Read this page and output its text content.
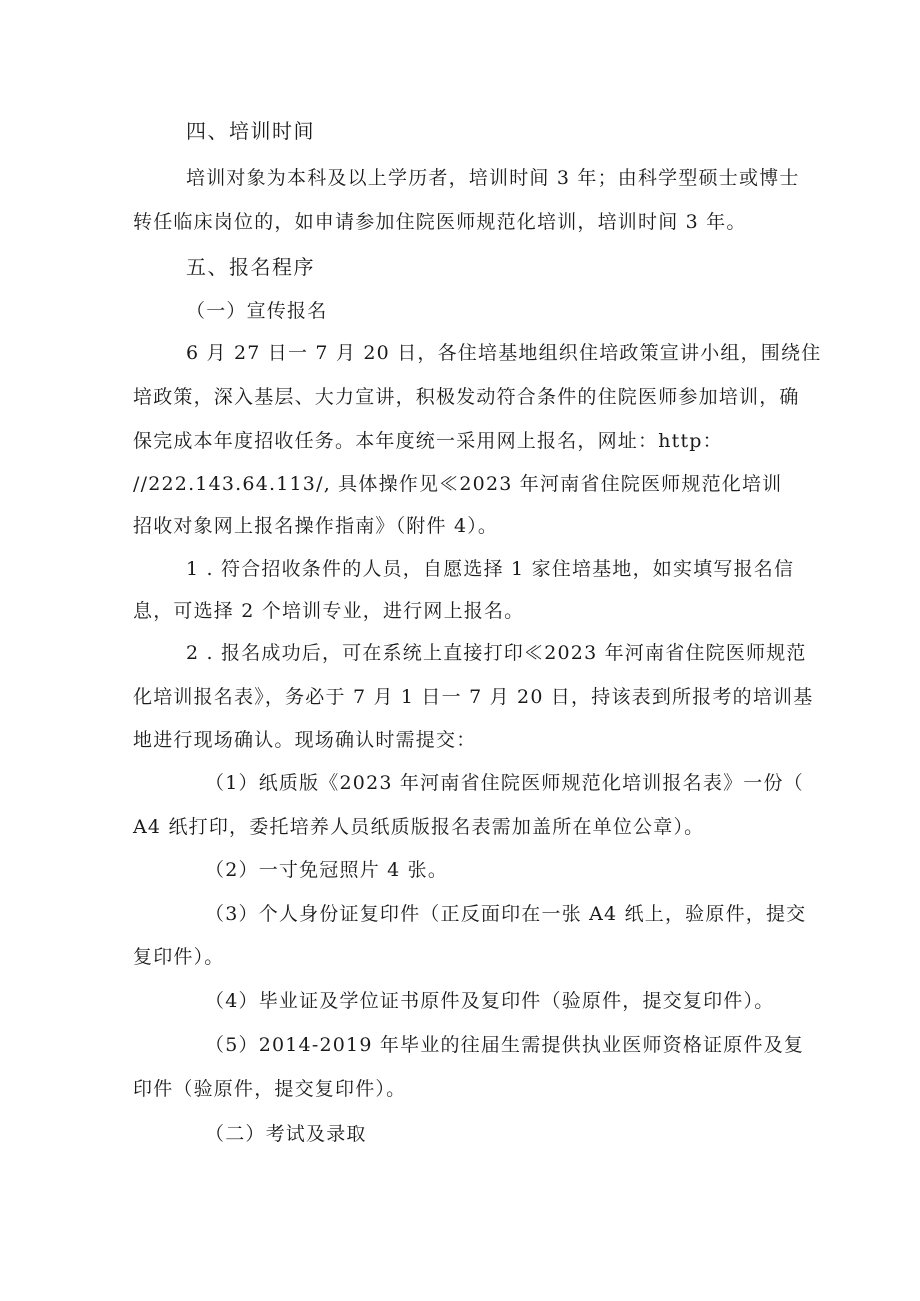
四、培训时间
培训对象为本科及以上学历者，培训时间 3 年；由科学型硕士或博士
转任临床岗位的，如申请参加住院医师规范化培训，培训时间 3 年。
五、报名程序
（一）宣传报名
6 月 27 日一 7 月 20 日，各住培基地组织住培政策宣讲小组，围绕住
培政策，深入基层、大力宣讲，积极发动符合条件的住院医师参加培训，确
保完成本年度招收任务。本年度统一采用网上报名，网址：http：
//222.143.64.113/, 具体操作见≪2023 年河南省住院医师规范化培训
招收对象网上报名操作指南》（附件 4）。
1 . 符合招收条件的人员，自愿选择 1 家住培基地，如实填写报名信
息，可选择 2 个培训专业，进行网上报名。
2 . 报名成功后，可在系统上直接打印≪2023 年河南省住院医师规范
化培训报名表》，务必于 7 月 1 日一 7 月 20 日，持该表到所报考的培训基
地进行现场确认。现场确认时需提交：
（1）纸质版《2023 年河南省住院医师规范化培训报名表》一份（
A4 纸打印，委托培养人员纸质版报名表需加盖所在单位公章）。
（2）一寸免冠照片 4 张。
（3）个人身份证复印件（正反面印在一张 A4 纸上，验原件，提交
复印件）。
（4）毕业证及学位证书原件及复印件（验原件，提交复印件）。
（5）2014-2019 年毕业的往届生需提供执业医师资格证原件及复
印件（验原件，提交复印件）。
（二）考试及录取
